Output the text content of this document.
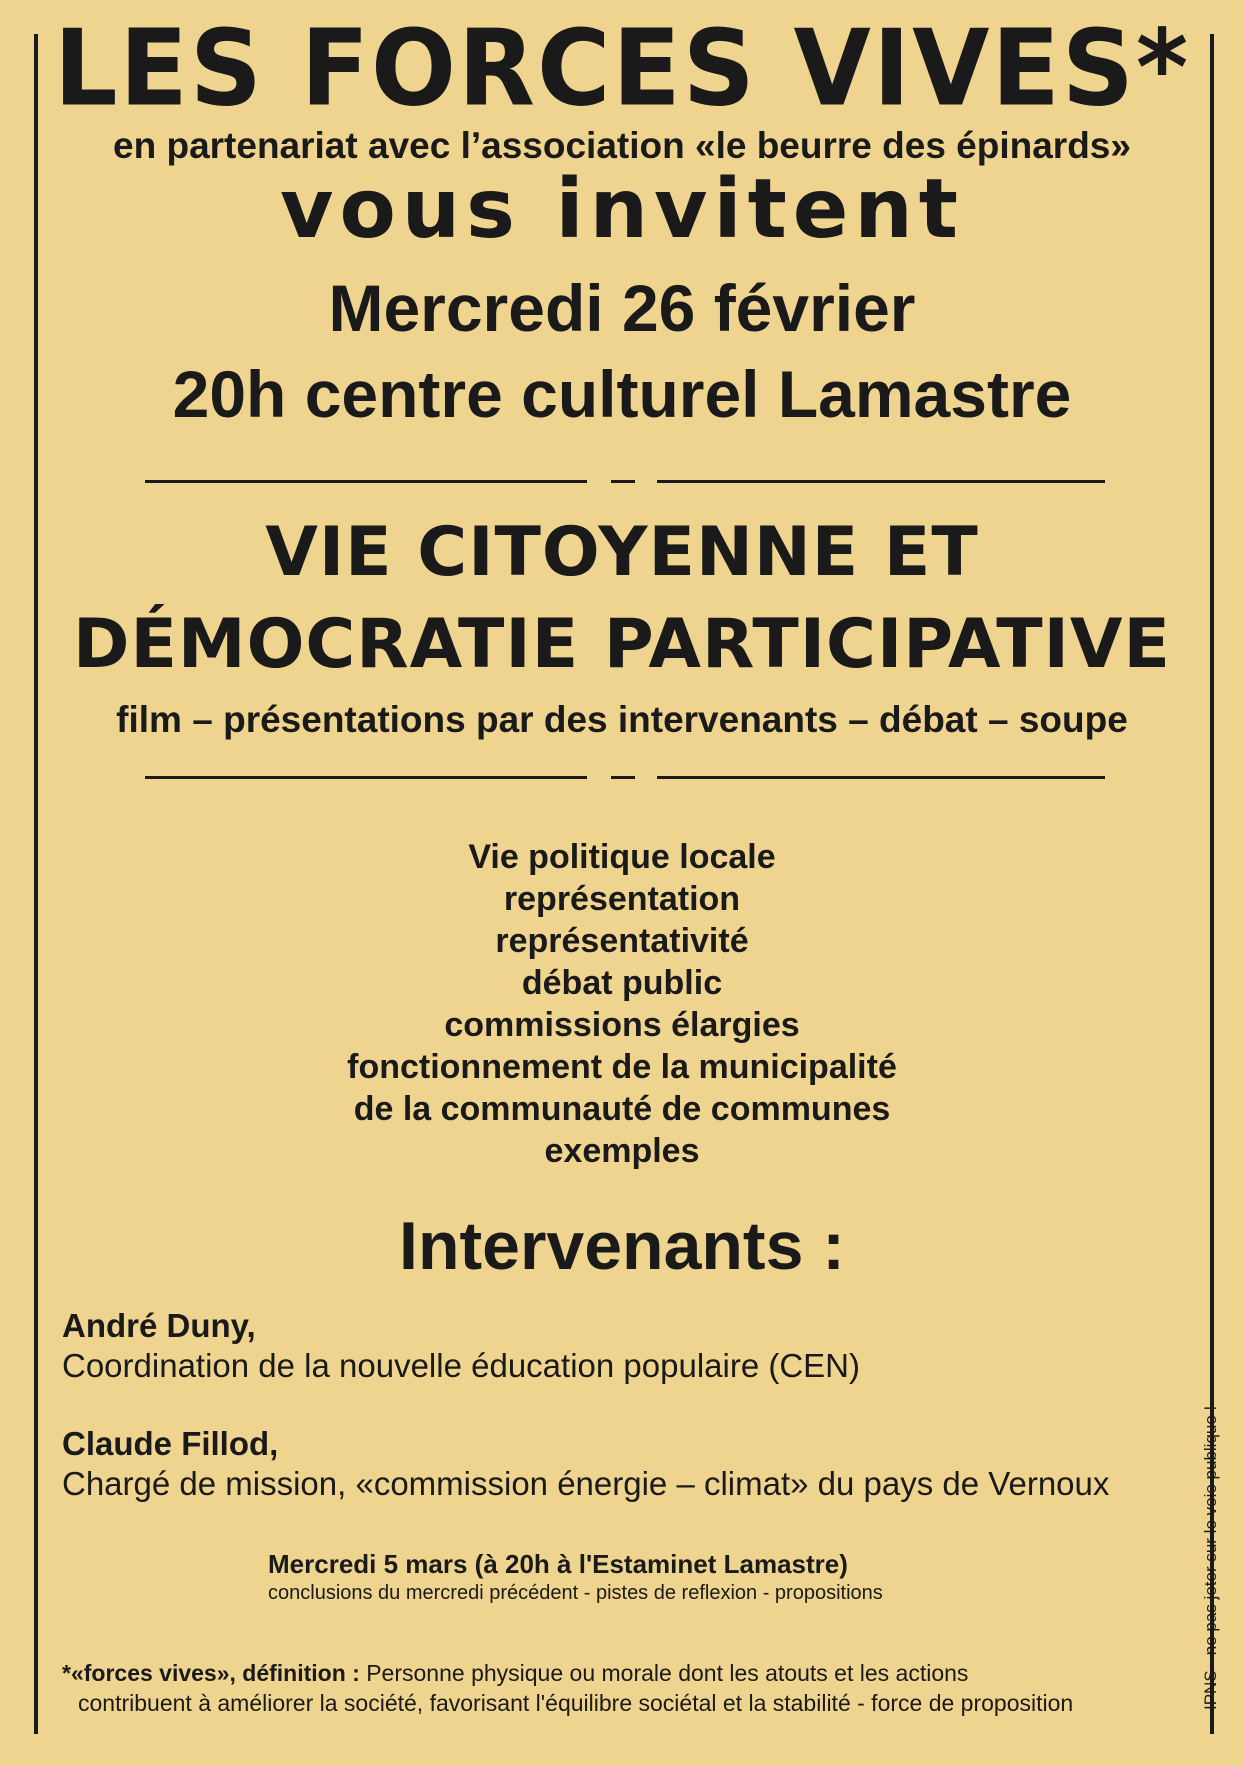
LES FORCES VIVES*
en partenariat avec l’association «le beurre des épinards»
vous invitent
Mercredi 26 février
20h centre culturel Lamastre
VIE CITOYENNE ET
DÉMOCRATIE PARTICIPATIVE
film – présentations par des intervenants – débat – soupe
Vie politique locale
représentation
représentativité
débat public
commissions élargies
fonctionnement de la municipalité
de la communauté de communes
exemples
Intervenants :
André Duny,
Coordination de la nouvelle éducation populaire (CEN)
Claude Fillod,
Chargé de mission, «commission énergie – climat» du pays de Vernoux
Mercredi 5 mars (à 20h à l'Estaminet Lamastre)
conclusions du mercredi précédent - pistes de reflexion - propositions
*«forces vives», définition : Personne physique ou morale dont les atouts et les actions
contribuent à améliorer la société, favorisant l'équilibre sociétal et la stabilité - force de proposition	IPNS - ne pas jeter sur le voie publique !
